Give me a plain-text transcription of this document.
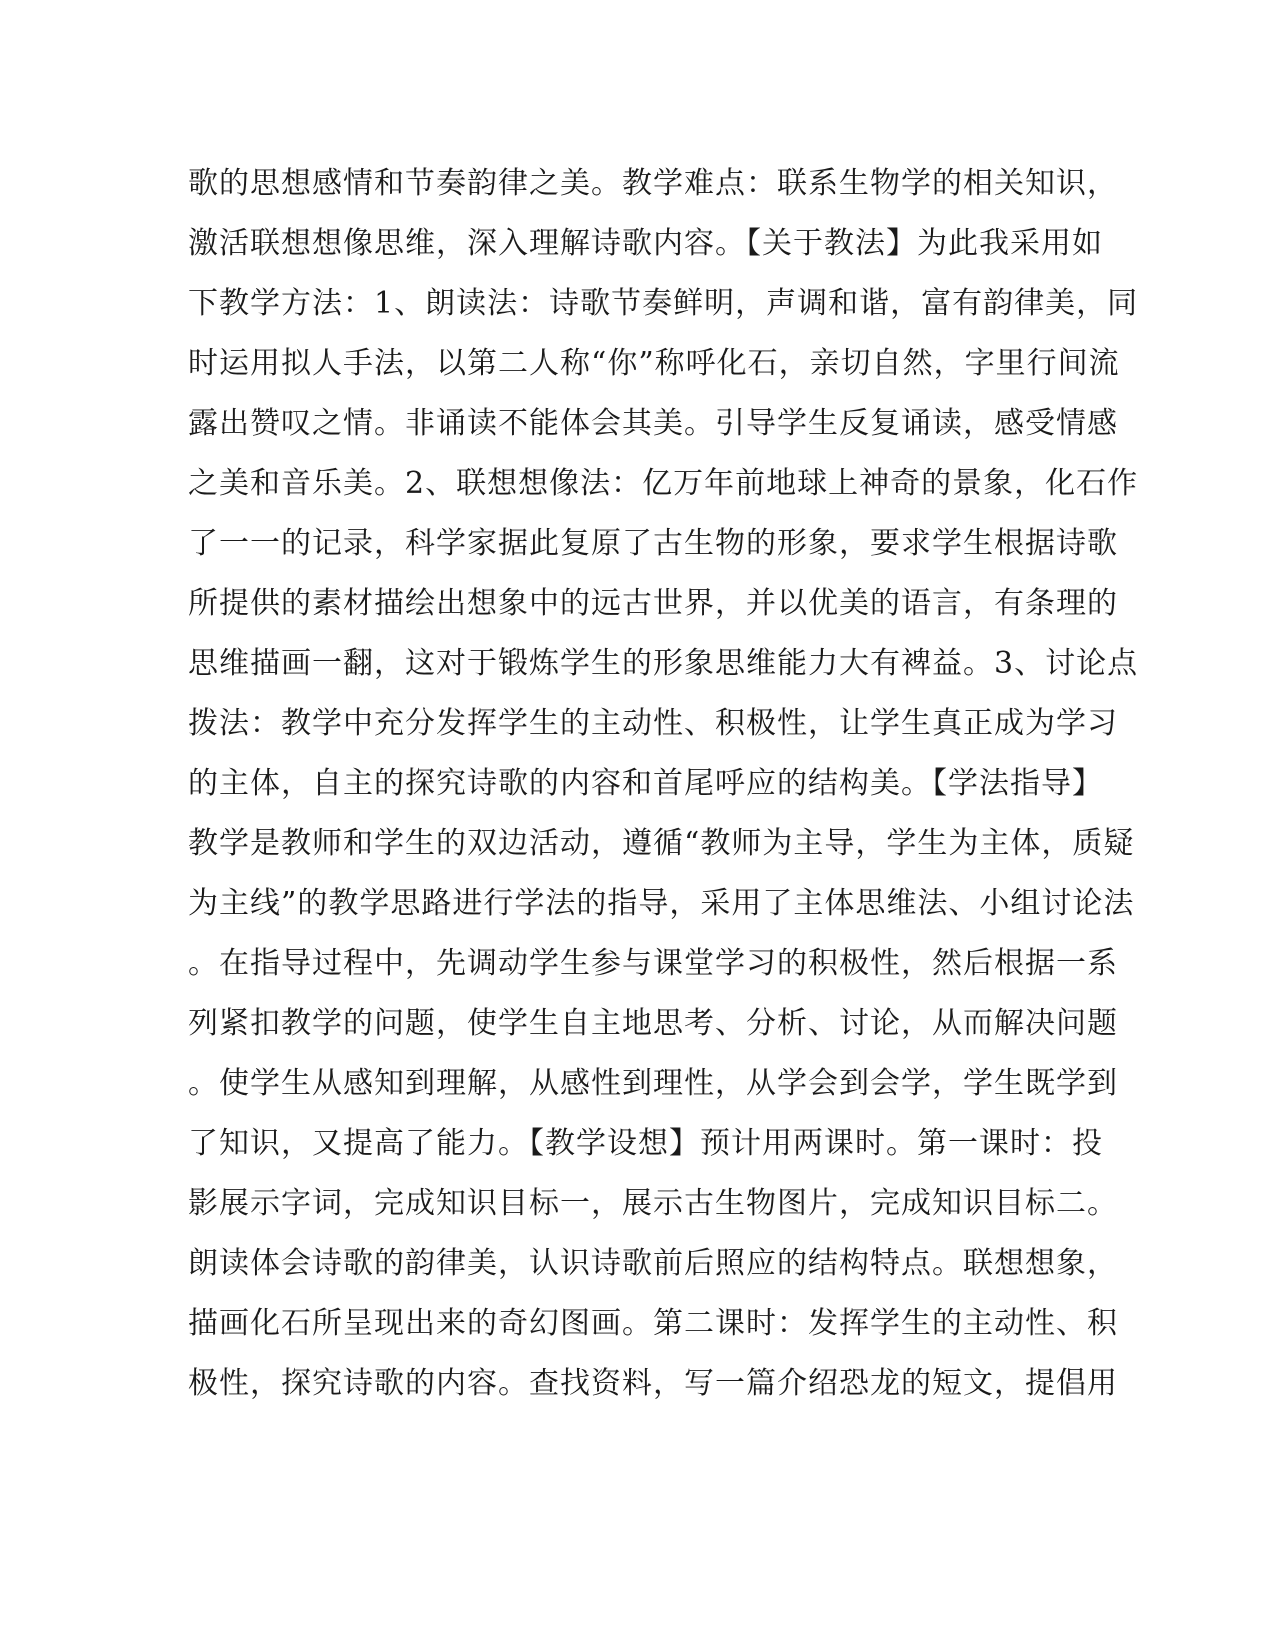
歌的思想感情和节奏韵律之美。教学难点：联系生物学的相关知识，
激活联想想像思维，深入理解诗歌内容。【关于教法】为此我采用如
下教学方法：1、朗读法：诗歌节奏鲜明，声调和谐，富有韵律美，同
时运用拟人手法，以第二人称“你”称呼化石，亲切自然，字里行间流
露出赞叹之情。非诵读不能体会其美。引导学生反复诵读，感受情感
之美和音乐美。2、联想想像法：亿万年前地球上神奇的景象，化石作
了一一的记录，科学家据此复原了古生物的形象，要求学生根据诗歌
所提供的素材描绘出想象中的远古世界，并以优美的语言，有条理的
思维描画一翻，这对于锻炼学生的形象思维能力大有裨益。3、讨论点
拨法：教学中充分发挥学生的主动性、积极性，让学生真正成为学习
的主体，自主的探究诗歌的内容和首尾呼应的结构美。【学法指导】
教学是教师和学生的双边活动，遵循“教师为主导，学生为主体，质疑
为主线”的教学思路进行学法的指导，采用了主体思维法、小组讨论法
。在指导过程中，先调动学生参与课堂学习的积极性，然后根据一系
列紧扣教学的问题，使学生自主地思考、分析、讨论，从而解决问题
。使学生从感知到理解，从感性到理性，从学会到会学，学生既学到
了知识，又提高了能力。【教学设想】预计用两课时。第一课时：投
影展示字词，完成知识目标一，展示古生物图片，完成知识目标二。
朗读体会诗歌的韵律美，认识诗歌前后照应的结构特点。联想想象，
描画化石所呈现出来的奇幻图画。第二课时：发挥学生的主动性、积
极性，探究诗歌的内容。查找资料，写一篇介绍恐龙的短文，提倡用
